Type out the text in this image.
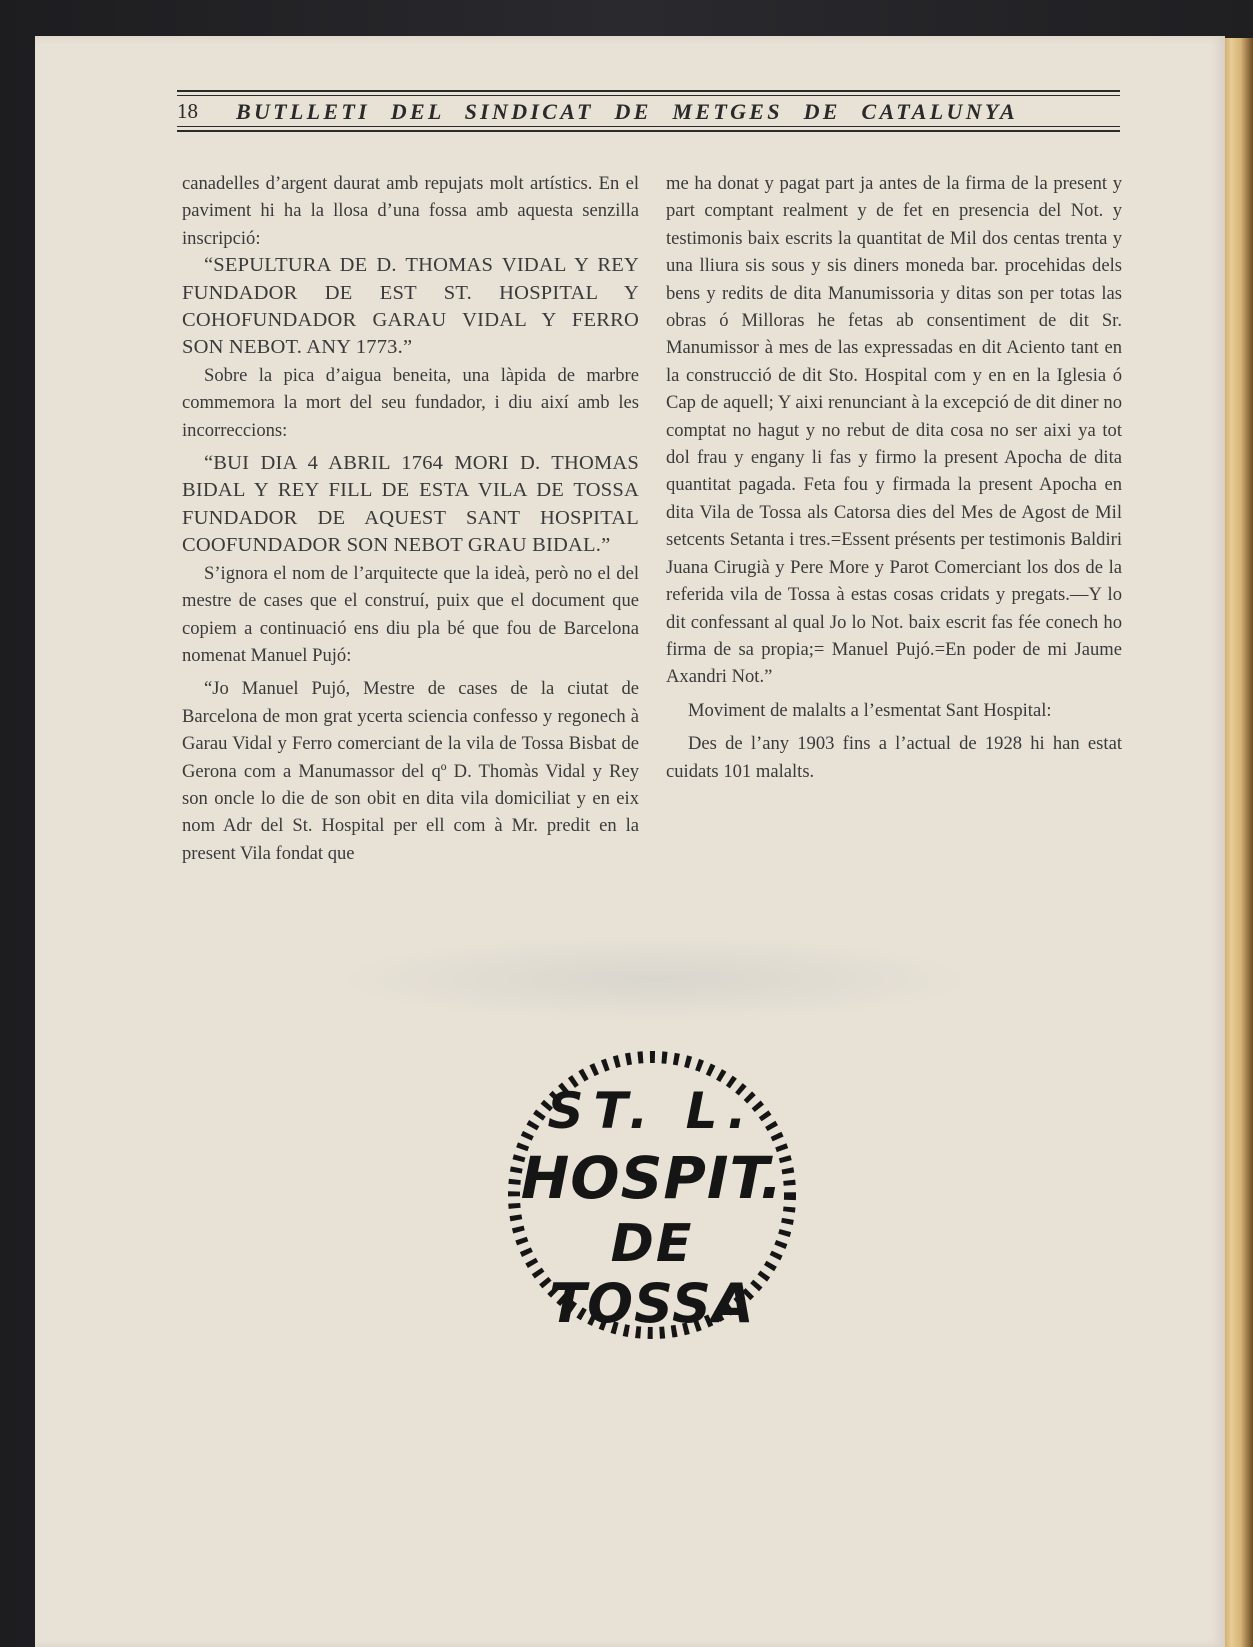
18 BUTLLETI DEL SINDICAT DE METGES DE CATALUNYA

canadelles d’argent daurat amb repujats molt artístics. En el paviment hi ha la llosa d’una fossa amb aquesta senzilla inscripció:

“SEPULTURA DE D. THOMAS VIDAL Y REY FUNDADOR DE EST ST. HOSPITAL Y COHOFUNDADOR GARAU VIDAL Y FERRO SON NEBOT. ANY 1773.”

Sobre la pica d’aigua beneita, una làpida de marbre commemora la mort del seu fundador, i diu així amb les incorreccions:

“BUI DIA 4 ABRIL 1764 MORI D. THOMAS BIDAL Y REY FILL DE ESTA VILA DE TOSSA FUNDADOR DE AQUEST SANT HOSPITAL COOFUNDADOR SON NEBOT GRAU BIDAL.”

S’ignora el nom de l’arquitecte que la ideà, però no el del mestre de cases que el construí, puix que el document que copiem a continuació ens diu pla bé que fou de Barcelona nomenat Manuel Pujó:

“Jo Manuel Pujó, Mestre de cases de la ciutat de Barcelona de mon grat ycerta sciencia confesso y regonech à Garau Vidal y Ferro comerciant de la vila de Tossa Bisbat de Gerona com a Manumassor del qº D. Thomàs Vidal y Rey son oncle lo die de son obit en dita vila domiciliat y en eix nom Adr del St. Hospital per ell com à Mr. predit en la present Vila fondat que

me ha donat y pagat part ja antes de la firma de la present y part comptant realment y de fet en presencia del Not. y testimonis baix escrits la quantitat de Mil dos centas trenta y una lliura sis sous y sis diners moneda bar. procehidas dels bens y redits de dita Manumissoria y ditas son per totas las obras ó Milloras he fetas ab consentiment de dit Sr. Manumissor à mes de las expressadas en dit Aciento tant en la construcció de dit Sto. Hospital com y en en la Iglesia ó Cap de aquell; Y aixi renunciant à la excepció de dit diner no comptat no hagut y no rebut de dita cosa no ser aixi ya tot dol frau y engany li fas y firmo la present Apocha de dita quantitat pagada. Feta fou y firmada la present Apocha en dita Vila de Tossa als Catorsa dies del Mes de Agost de Mil setcents Setanta i tres.=Essent présents per testimonis Baldiri Juana Cirugià y Pere More y Parot Comerciant los dos de la referida vila de Tossa à estas cosas cridats y pregats.—Y lo dit confessant al qual Jo lo Not. baix escrit fas fée conech ho firma de sa propia;= Manuel Pujó.=En poder de mi Jaume Axandri Not.”

Moviment de malalts a l’esmentat Sant Hospital:

Des de l’any 1903 fins a l’actual de 1928 hi han estat cuidats 101 malalts.

ST. L.
HOSPIT.
DE
TOSSA
